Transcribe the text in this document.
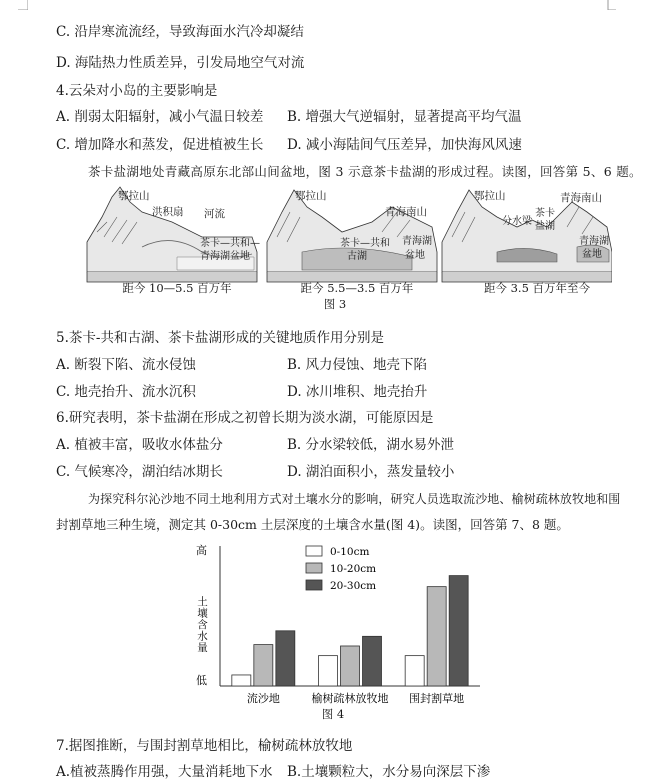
C. 沿岸寒流流经，导致海面水汽冷却凝结
D. 海陆热力性质差异，引发局地空气对流
4.云朵对小岛的主要影响是
A. 削弱太阳辐射，减小气温日较差 B. 增强大气逆辐射，显著提高平均气温
C. 增加降水和蒸发，促进植被生长 D. 减小海陆间气压差异，加快海风风速
茶卡盐湖地处青藏高原东北部山间盆地，图 3 示意茶卡盐湖的形成过程。读图，回答第 5、6 题。
鄂拉山
洪积扇 河流
茶卡—共和—
青海湖盆地
距今 10—5.5 百万年
鄂拉山
青海南山
茶卡—共和 青海湖
古湖	盆地
距今 5.5—3.5 百万年
鄂拉山	青海南山
分水梁
茶卡
盐湖
青海湖
盆地
距今 3.5 百万年至今
图 3
5.茶卡-共和古湖、茶卡盐湖形成的关键地质作用分别是
A. 断裂下陷、流水侵蚀	B. 风力侵蚀、地壳下陷
C. 地壳抬升、流水沉积	D. 冰川堆积、地壳抬升
6.研究表明，茶卡盐湖在形成之初曾长期为淡水湖，可能原因是
A. 植被丰富，吸收水体盐分	B. 分水梁较低，湖水易外泄
C. 气候寒冷，湖泊结冰期长	D. 湖泊面积小，蒸发量较小
为探究科尔沁沙地不同土地利用方式对土壤水分的影响，研究人员选取流沙地、榆树疏林放牧地和围
封割草地三种生境，测定其 0-30cm 土层深度的土壤含水量(图 4)。读图，回答第 7、8 题。
高
低
土壤含水量
0-10cm
10-20cm
20-30cm
流沙地	榆树疏林放牧地 围封割草地
图 4
7.据图推断，与围封割草地相比，榆树疏林放牧地
A.植被蒸腾作用强，大量消耗地下水 B.土壤颗粒大，水分易向深层下渗
